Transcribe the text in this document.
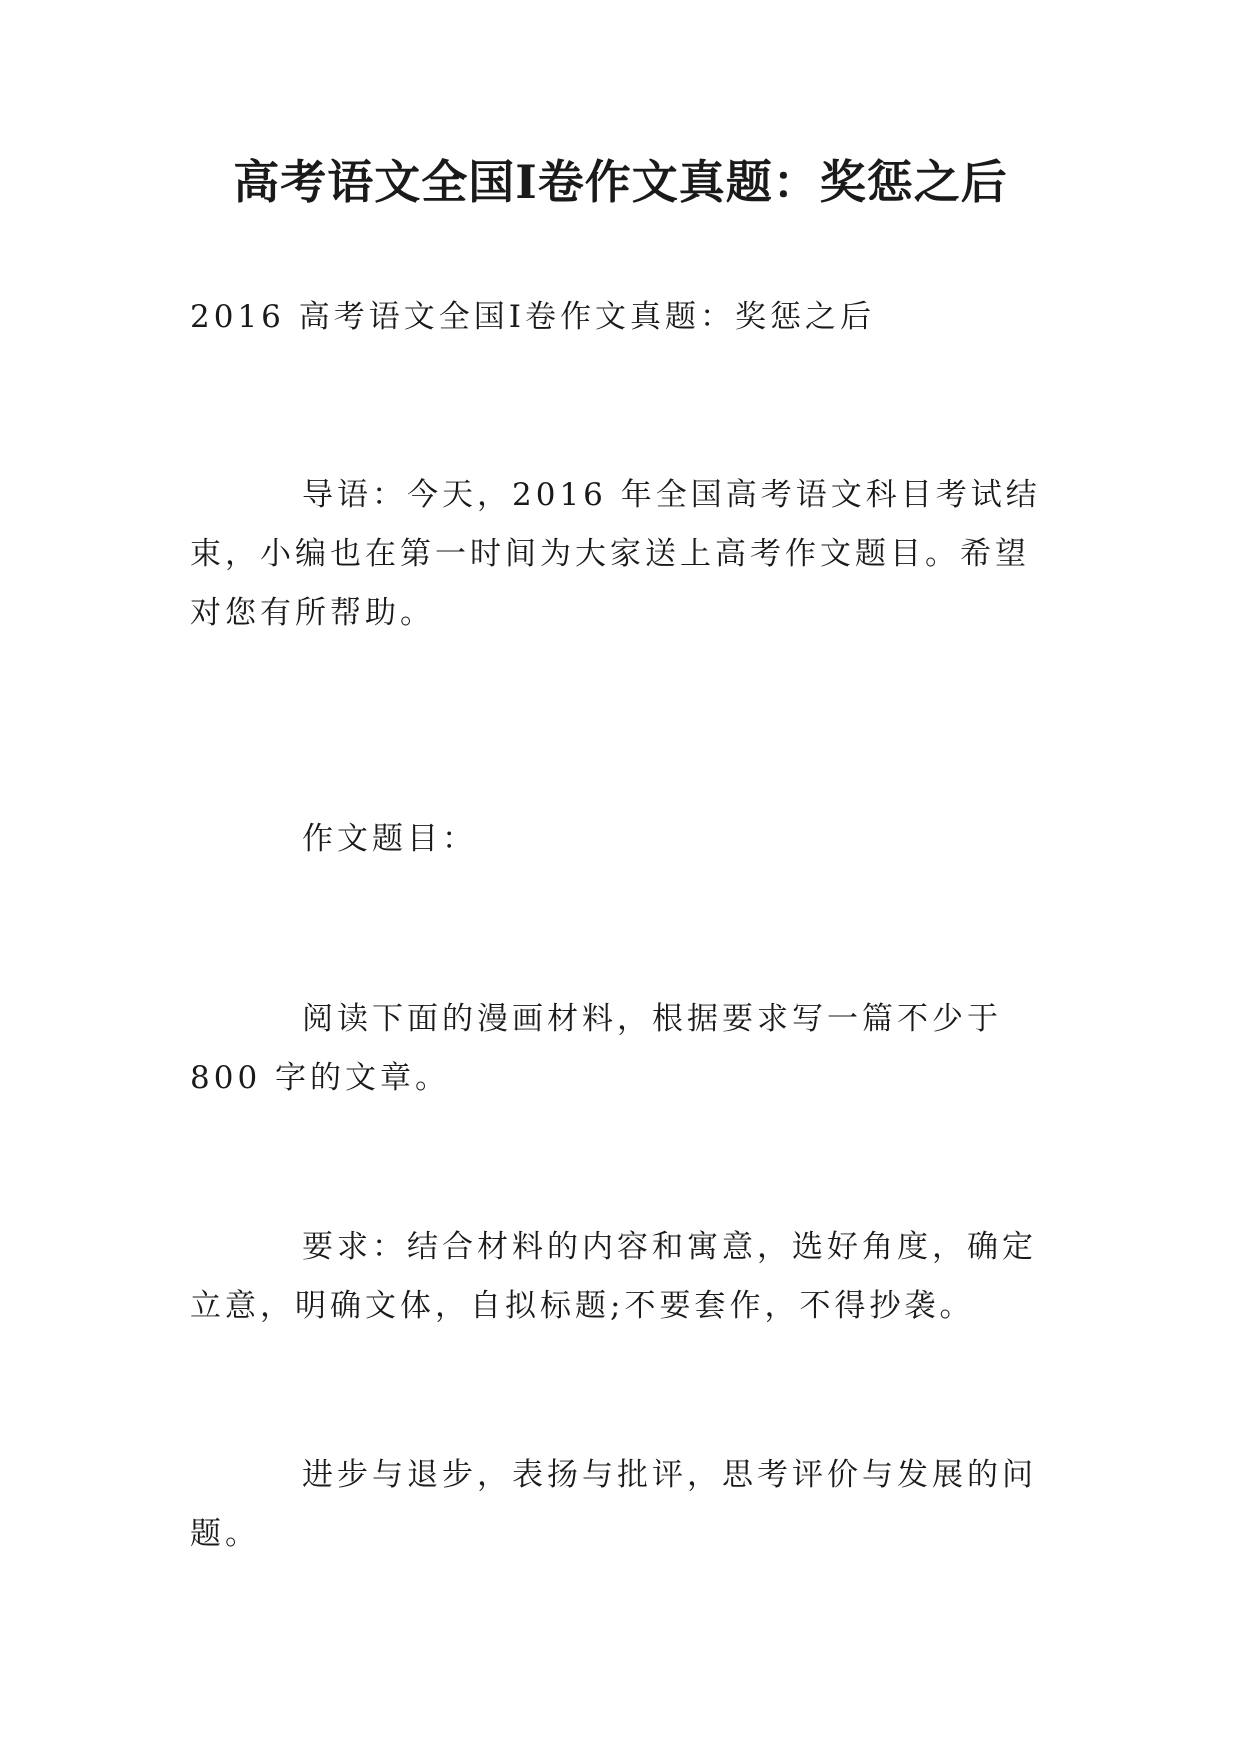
高考语文全国Ⅰ卷作文真题：奖惩之后

2016 高考语文全国Ⅰ卷作文真题：奖惩之后

导语：今天，2016 年全国高考语文科目考试结束，小编也在第一时间为大家送上高考作文题目。希望对您有所帮助。

作文题目：

阅读下面的漫画材料，根据要求写一篇不少于 800 字的文章。

要求：结合材料的内容和寓意，选好角度，确定立意，明确文体，自拟标题;不要套作，不得抄袭。

进步与退步，表扬与批评，思考评价与发展的问题。
